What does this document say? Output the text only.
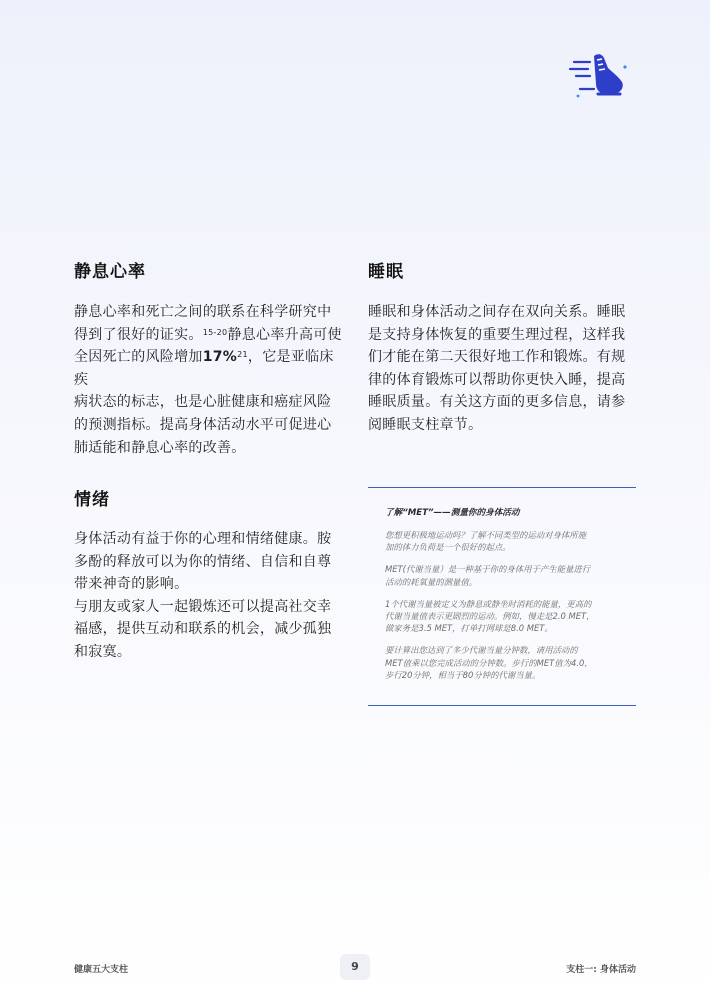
静息心率
静息心率和死亡之间的联系在科学研究中
得到了很好的证实。$^{15-20}$静息心率升高可使
全因死亡的风险增加17%$^{21}$，它是亚临床疾
病状态的标志，也是心脏健康和癌症风险
的预测指标。提高身体活动水平可促进心
肺适能和静息心率的改善。
睡眠
睡眠和身体活动之间存在双向关系。睡眠
是支持身体恢复的重要生理过程，这样我
们才能在第二天很好地工作和锻炼。有规
律的体育锻炼可以帮助你更快入睡，提高
睡眠质量。有关这方面的更多信息，请参
阅睡眠支柱章节。
情绪
身体活动有益于你的心理和情绪健康。胺
多酚的释放可以为你的情绪、自信和自尊
带来神奇的影响。
与朋友或家人一起锻炼还可以提高社交幸
福感，提供互动和联系的机会，减少孤独
和寂寞。
了解“MET”——测量你的身体活动
您想更积极地运动吗？了解不同类型的运动对身体所施
加的体力负荷是一个很好的起点。
MET(代谢当量）是一种基于你的身体用于产生能量进行
活动的耗氧量的测量值。
1个代谢当量被定义为静息或静坐时消耗的能量，更高的
代谢当量值表示更剧烈的运动。例如，慢走是2.0 MET，
做家务是3.5 MET，打单打网球是8.0 MET。
要计算出您达到了多少代谢当量分钟数，请用活动的
MET值乘以您完成活动的分钟数。步行的MET值为4.0，
步行20分钟，相当于80分钟的代谢当量。
健康五大支柱	9	支柱一: 身体活动
